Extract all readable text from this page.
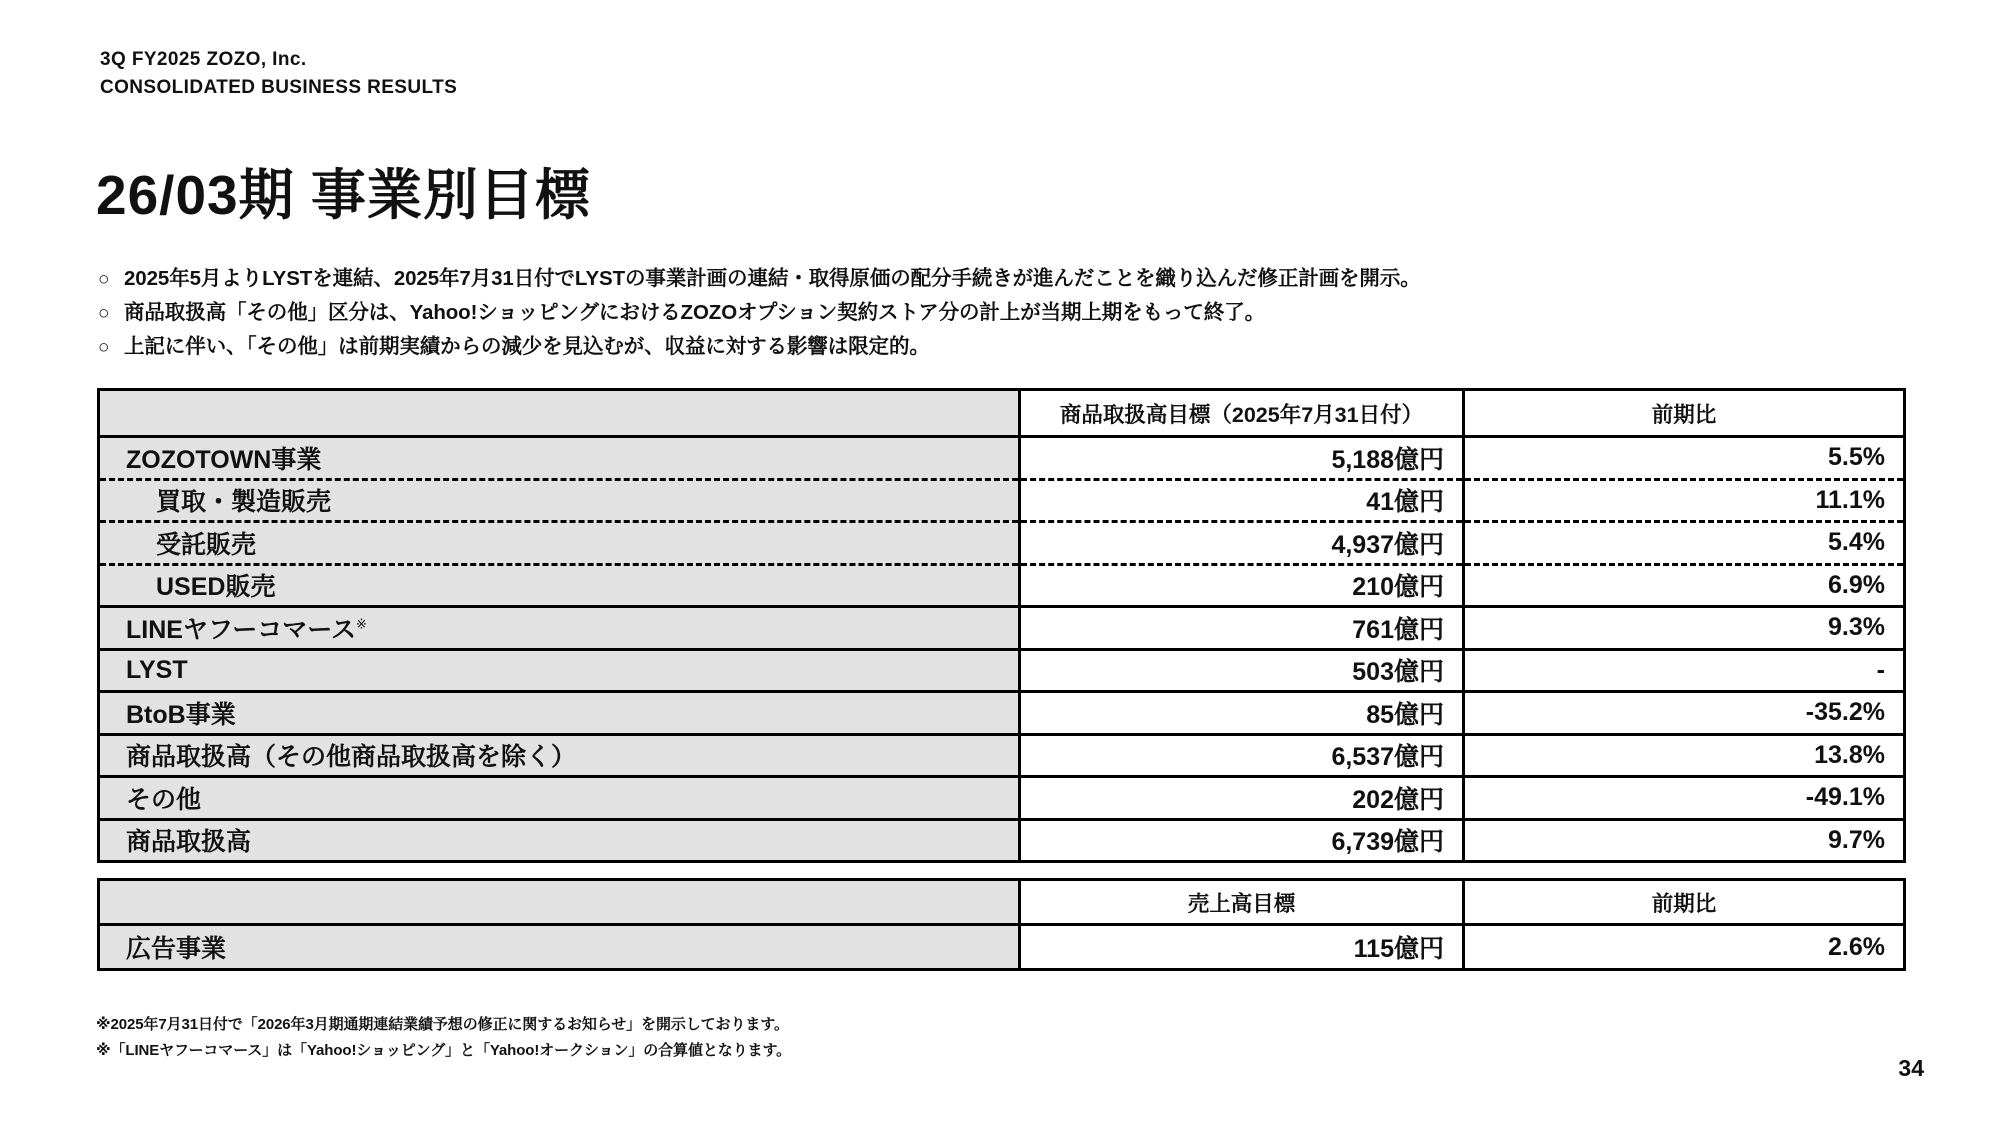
3Q FY2025 ZOZO, Inc.
CONSOLIDATED BUSINESS RESULTS
26/03期 事業別目標
○ 2025年5月よりLYSTを連結、2025年7月31日付でLYSTの事業計画の連結・取得原価の配分手続きが進んだことを織り込んだ修正計画を開示。
○ 商品取扱高「その他」区分は、Yahoo!ショッピングにおけるZOZOオプション契約ストア分の計上が当期上期をもって終了。
○ 上記に伴い、「その他」は前期実績からの減少を見込むが、収益に対する影響は限定的。
	商品取扱高目標（2025年7月31日付）	前期比
ZOZOTOWN事業	5,188億円	5.5%
買取・製造販売	41億円	11.1%
受託販売	4,937億円	5.4%
USED販売	210億円	6.9%
LINEヤフーコマース※	761億円	9.3%
LYST	503億円	-
BtoB事業	85億円	-35.2%
商品取扱高（その他商品取扱高を除く）	6,537億円	13.8%
その他	202億円	-49.1%
商品取扱高	6,739億円	9.7%
	売上高目標	前期比
広告事業	115億円	2.6%
※2025年7月31日付で「2026年3月期通期連結業績予想の修正に関するお知らせ」を開示しております。
※「LINEヤフーコマース」は「Yahoo!ショッピング」と「Yahoo!オークション」の合算値となります。
34
